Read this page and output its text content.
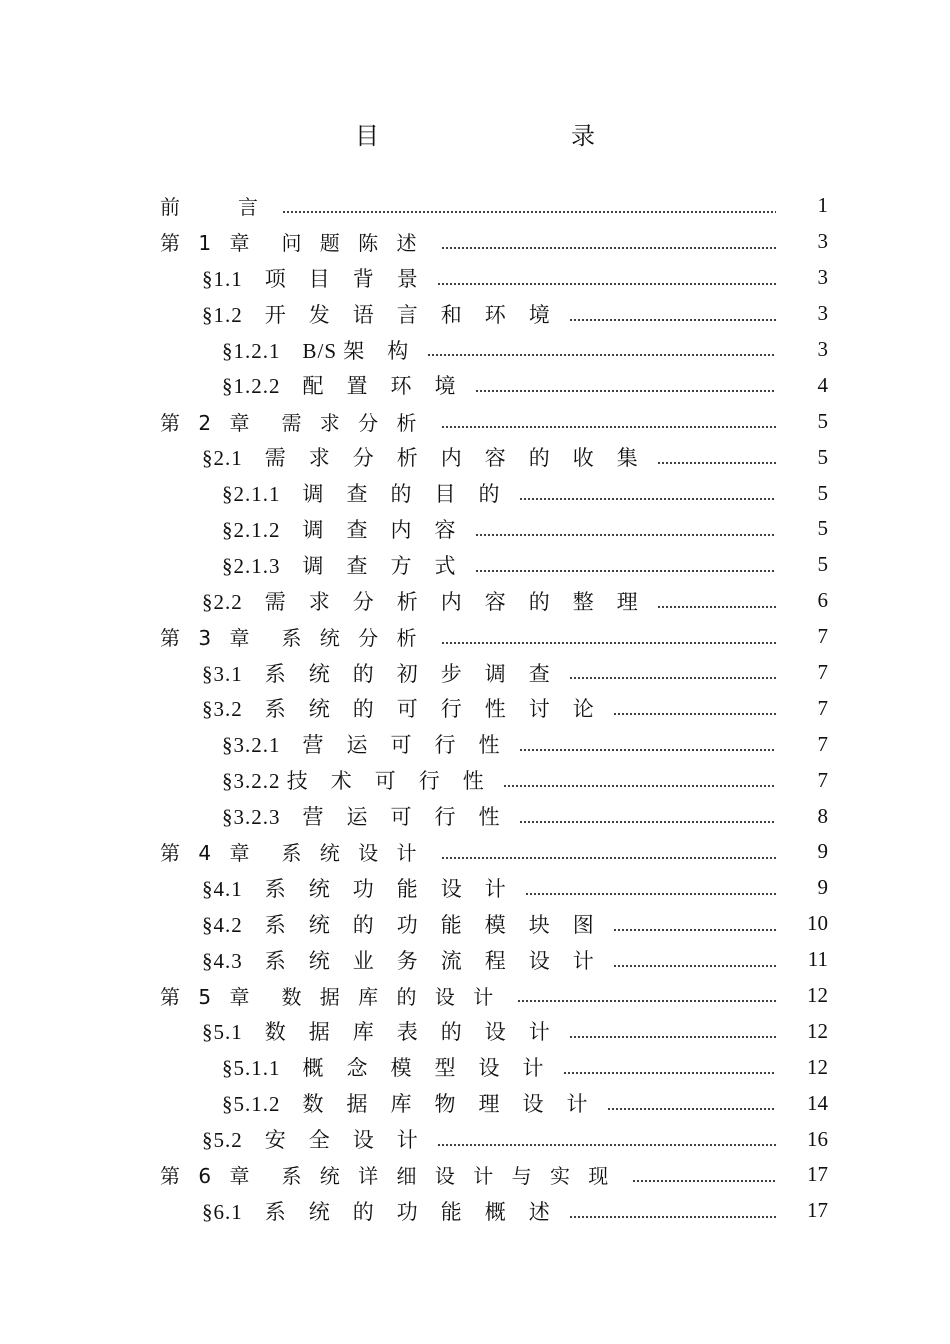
目　　录
前　　言	1
第 1 章　问 题 陈 述	3
§1.1　项　目　背　景	3
§1.2　开　发　语　言　和　环　境	3
§1.2.1　B/S 架　构	3
§1.2.2　配　置　环　境	4
第 2 章　需 求 分 析	5
§2.1　需　求　分　析　内　容　的　收　集	5
§2.1.1　调　查　的　目　的	5
§2.1.2　调　查　内　容	5
§2.1.3　调　查　方　式	5
§2.2　需　求　分　析　内　容　的　整　理	6
第 3 章　系 统 分 析	7
§3.1　系　统　的　初　步　调　查	7
§3.2　系　统　的　可　行　性　讨　论	7
§3.2.1　营　运　可　行　性	7
§3.2.2 技　术　可　行　性	7
§3.2.3　营　运　可　行　性	8
第 4 章　系 统 设 计	9
§4.1　系　统　功　能　设　计	9
§4.2　系　统　的　功　能　模　块　图	10
§4.3　系　统　业　务　流　程　设　计	11
第 5 章　数 据 库 的 设 计	12
§5.1　数　据　库　表　的　设　计	12
§5.1.1　概　念　模　型　设　计	12
§5.1.2　数　据　库　物　理　设　计	14
§5.2　安　全　设　计	16
第 6 章　系 统 详 细 设 计 与 实 现	17
§6.1　系　统　的　功　能　概　述	17
